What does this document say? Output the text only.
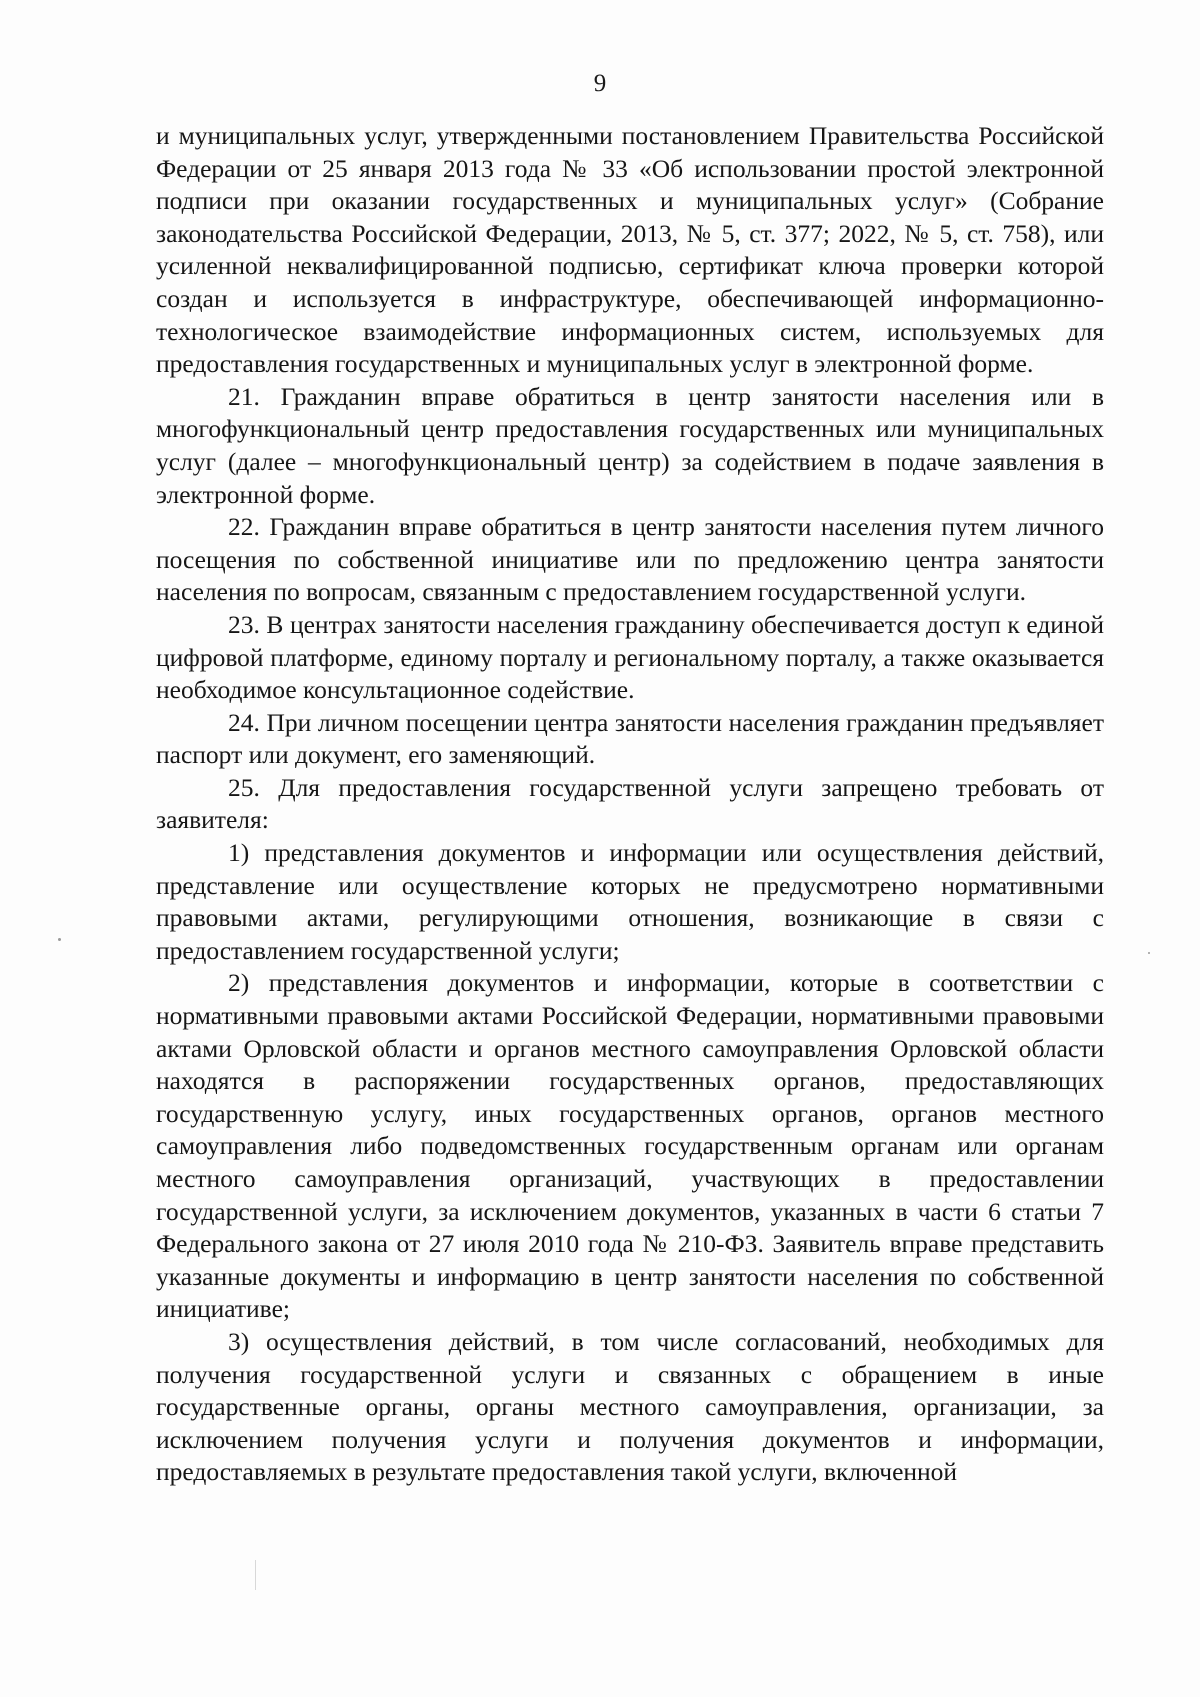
9

и муниципальных услуг, утвержденными постановлением Правительства Российской Федерации от 25 января 2013 года № 33 «Об использовании простой электронной подписи при оказании государственных и муниципальных услуг» (Собрание законодательства Российской Федерации, 2013, № 5, ст. 377; 2022, № 5, ст. 758), или усиленной неквалифицированной подписью, сертификат ключа проверки которой создан и используется в инфраструктуре, обеспечивающей информационно-технологическое взаимодействие информационных систем, используемых для предоставления государственных и муниципальных услуг в электронной форме.

21. Гражданин вправе обратиться в центр занятости населения или в многофункциональный центр предоставления государственных или муниципальных услуг (далее – многофункциональный центр) за содействием в подаче заявления в электронной форме.

22. Гражданин вправе обратиться в центр занятости населения путем личного посещения по собственной инициативе или по предложению центра занятости населения по вопросам, связанным с предоставлением государственной услуги.

23. В центрах занятости населения гражданину обеспечивается доступ к единой цифровой платформе, единому порталу и региональному порталу, а также оказывается необходимое консультационное содействие.

24. При личном посещении центра занятости населения гражданин предъявляет паспорт или документ, его заменяющий.

25. Для предоставления государственной услуги запрещено требовать от заявителя:

1) представления документов и информации или осуществления действий, представление или осуществление которых не предусмотрено нормативными правовыми актами, регулирующими отношения, возникающие в связи с предоставлением государственной услуги;

2) представления документов и информации, которые в соответствии с нормативными правовыми актами Российской Федерации, нормативными правовыми актами Орловской области и органов местного самоуправления Орловской области находятся в распоряжении государственных органов, предоставляющих государственную услугу, иных государственных органов, органов местного самоуправления либо подведомственных государственным органам или органам местного самоуправления организаций, участвующих в предоставлении государственной услуги, за исключением документов, указанных в части 6 статьи 7 Федерального закона от 27 июля 2010 года № 210-ФЗ. Заявитель вправе представить указанные документы и информацию в центр занятости населения по собственной инициативе;

3) осуществления действий, в том числе согласований, необходимых для получения государственной услуги и связанных с обращением в иные государственные органы, органы местного самоуправления, организации, за исключением получения услуги и получения документов и информации, предоставляемых в результате предоставления такой услуги, включенной
